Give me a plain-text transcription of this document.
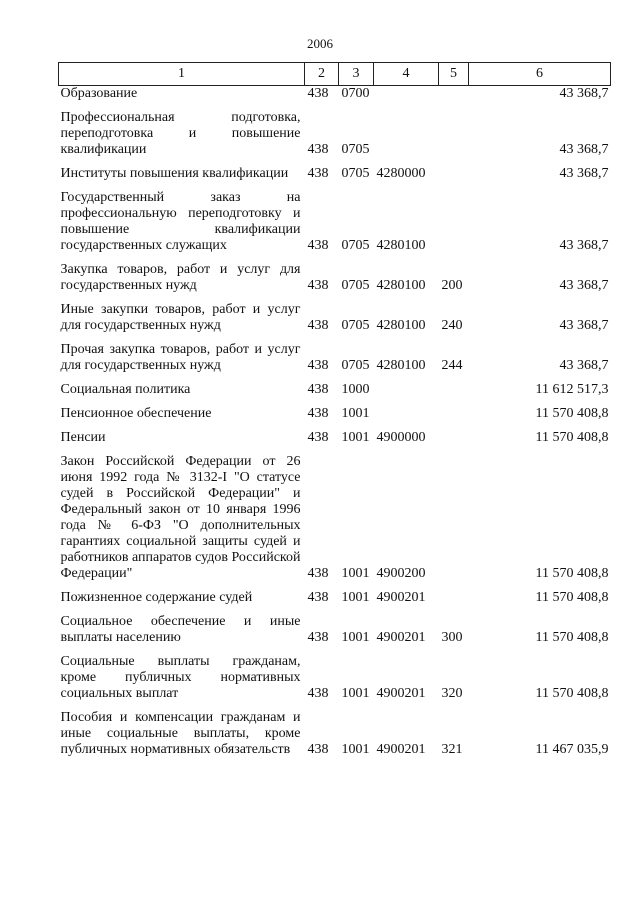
2006
1	2	3	4	5	6
Образование	438	0700			43 368,7
Профессиональная подготовка, переподготовка и повышение квалификации	438	0705			43 368,7
Институты повышения квалификации	438	0705	4280000		43 368,7
Государственный заказ на профессиональную переподготовку и повышение квалификации государственных служащих	438	0705	4280100		43 368,7
Закупка товаров, работ и услуг для государственных нужд	438	0705	4280100	200	43 368,7
Иные закупки товаров, работ и услуг для государственных нужд	438	0705	4280100	240	43 368,7
Прочая закупка товаров, работ и услуг для государственных нужд	438	0705	4280100	244	43 368,7
Социальная политика	438	1000			11 612 517,3
Пенсионное обеспечение	438	1001			11 570 408,8
Пенсии	438	1001	4900000		11 570 408,8
Закон Российской Федерации от 26 июня 1992 года № 3132-I "О статусе судей в Российской Федерации" и Федеральный закон от 10 января 1996 года № 6-ФЗ "О дополнительных гарантиях социальной защиты судей и работников аппаратов судов Российской Федерации"	438	1001	4900200		11 570 408,8
Пожизненное содержание судей	438	1001	4900201		11 570 408,8
Социальное обеспечение и иные выплаты населению	438	1001	4900201	300	11 570 408,8
Социальные выплаты гражданам, кроме публичных нормативных социальных выплат	438	1001	4900201	320	11 570 408,8
Пособия и компенсации гражданам и иные социальные выплаты, кроме публичных нормативных обязательств	438	1001	4900201	321	11 467 035,9
